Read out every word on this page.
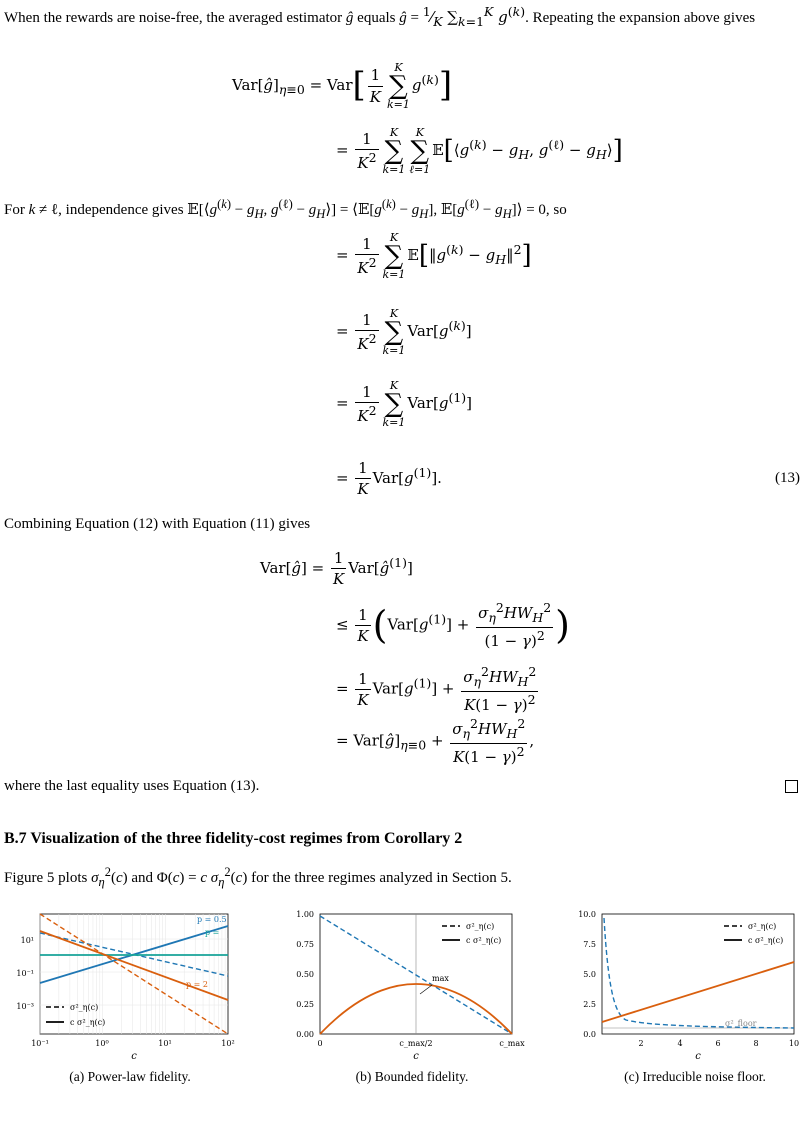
When the rewards are noise-free, the averaged estimator ĝ equals ĝ = $^1⁄_K$ $\sum_{k=1}^K$ $g^{(k)}$. Repeating the expansion above gives
$Var[ĝ]_{\eta\equiv 0} = Var[ \frac{1}{K}$	K
∑
k=1
$g^{(k)}$]
= $\frac{1}{K^2}$	K
∑
k=1
K
∑
ℓ=1
$𝔼[⟨g^{(k)} - g_H$, $g^{(\ell)}$ − $g_H⟩$]
For k ≠ ℓ, independence gives $𝔼[⟨g^{(k)} - g_H$, $g^{(\ell)}$ − $g_H⟩$] = $⟨𝔼[g^{(k)} - g_H]$, $𝔼[g^{(\ell)}$ − $g_H]⟩ = 0$, so
= $\frac{1}{K^2}$	K
∑
k=1
$𝔼[‖g^{(k)}$ − $g_H‖^2$]
= $\frac{1}{K^2}$	K
∑
k=1
$Var[g^{(k)}]$
= $\frac{1}{K^2}$	K
∑
k=1
$Var[g^{(1)}]$
= $\frac{1}{K} Var[g^{(1)}]$.	(13)
Combining Equation (12) with Equation (11) gives
Var[ĝ] = $\frac{1}{K}$ $Var[ĝ^{(1)}]$
≤ $\frac{1}{K} (Var[g^{(1)}] + \frac{\sigma_\eta^2HW_H^2}{(1 - \gamma)^2}$ )
= $\frac{1}{K} Var[g^{(1)}] + \frac{\sigma_\eta^2HW_H^2}{K(1 - \gamma)^2}$
= $Var[ĝ]_{\eta\equiv 0} + \frac{\sigma_\eta^2HW_H^2}{K(1 - \gamma)^2}$ ,
where the last equality uses Equation (13).
B.7 Visualization of the three fidelity-cost regimes from Corollary 2
Figure 5 plots $\sigma_\eta^2(c)$ and Φ(c) = c $\sigma_\eta^2(c)$ for the three regimes analyzed in Section 5.
p = 0.5
p =
p = 2
10¹
10⁻¹
10⁻³
10⁻¹	10⁰	10¹	10²
c
σ²_η(c)
c σ²_η(c)
(a) Power-law fidelity.
max
0.00
0.25
0.50
0.75
1.00
0	c_max/2	c_max
c
σ²_η(c)
c σ²_η(c)
(b) Bounded fidelity.
σ²_floor
0.0
2.5
5.0
7.5
10.0
2	4	6	8	10
c
σ²_η(c)
c σ²_η(c)
(c) Irreducible noise floor.
